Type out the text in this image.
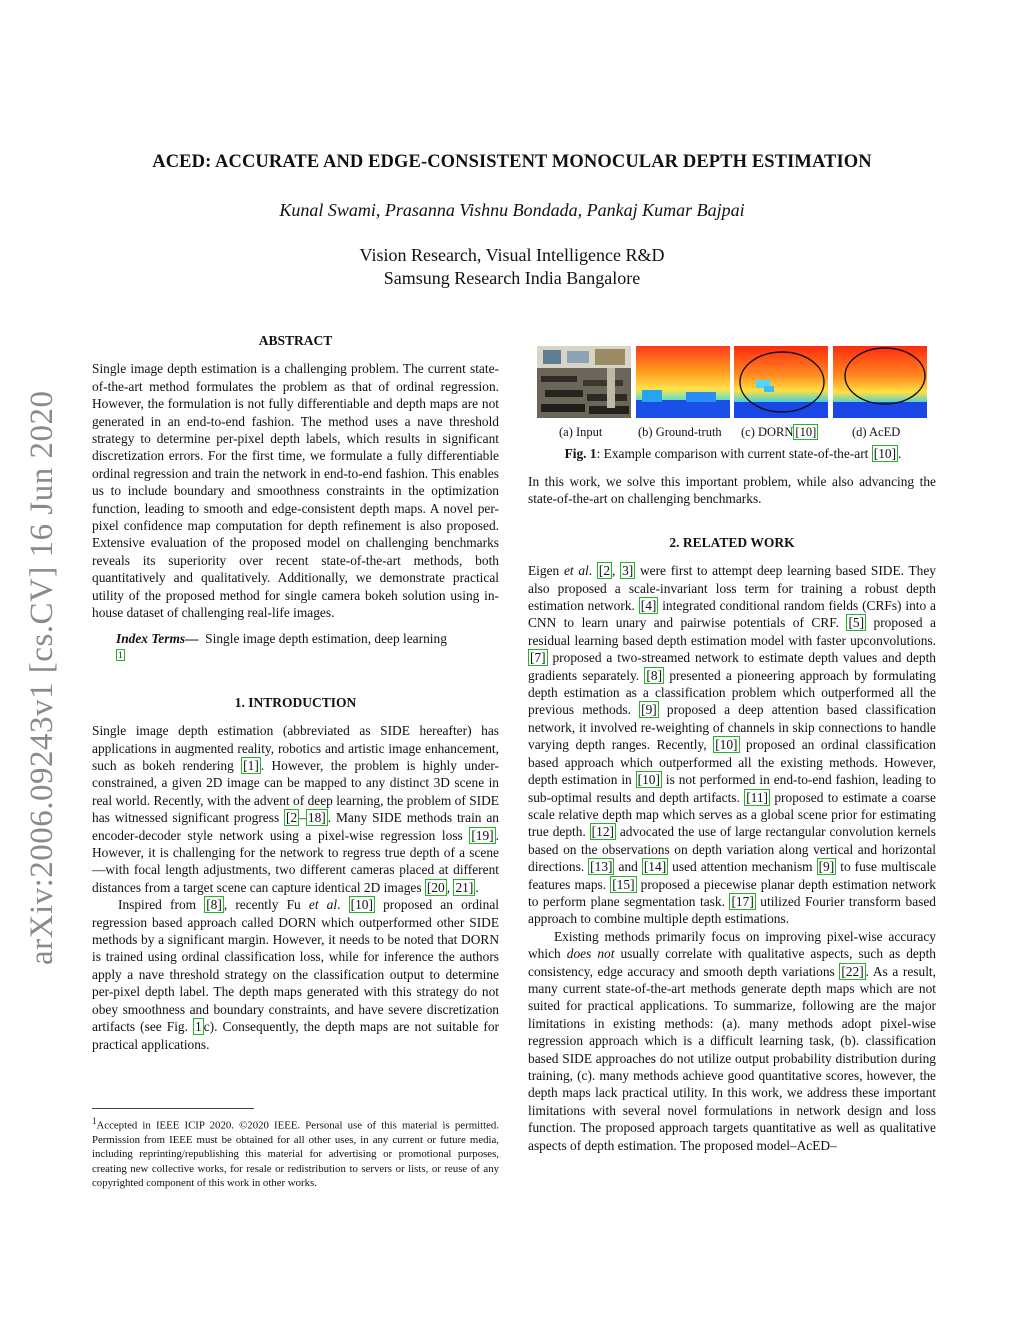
arXiv:2006.09243v1 [cs.CV] 16 Jun 2020
ACED: ACCURATE AND EDGE-CONSISTENT MONOCULAR DEPTH ESTIMATION
Kunal Swami, Prasanna Vishnu Bondada, Pankaj Kumar Bajpai
Vision Research, Visual Intelligence R&D
Samsung Research India Bangalore

ABSTRACT

Single image depth estimation is a challenging problem. The current state-of-the-art method formulates the problem as that of ordinal regression. However, the formulation is not fully differentiable and depth maps are not generated in an end-to-end fashion. The method uses a nave threshold strategy to determine per-pixel depth labels, which results in significant discretization errors. For the first time, we formulate a fully differentiable ordinal regression and train the network in end-to-end fashion. This enables us to include boundary and smoothness constraints in the optimization function, leading to smooth and edge-consistent depth maps. A novel per-pixel confidence map computation for depth refinement is also proposed. Extensive evaluation of the proposed model on challenging benchmarks reveals its superiority over recent state-of-the-art methods, both quantitatively and qualitatively. Additionally, we demonstrate practical utility of the proposed method for single camera bokeh solution using in-house dataset of challenging real-life images.

Index Terms— Single image depth estimation, deep learning
$^1$

1. INTRODUCTION

Single image depth estimation (abbreviated as SIDE hereafter) has applications in augmented reality, robotics and artistic image enhancement, such as bokeh rendering [1] . However, the problem is highly under-constrained, a given 2D image can be mapped to any distinct 3D scene in real world. Recently, with the advent of deep learning, the problem of SIDE has witnessed significant progress [2 – 18] . Many SIDE methods train an encoder-decoder style network using a pixel-wise regression loss [19] . However, it is challenging for the network to regress true depth of a scene—with focal length adjustments, two different cameras placed at different distances from a target scene can capture identical 2D images [20 , 21] .

Inspired from [8] , recently Fu et al. [10] proposed an ordinal regression based approach called DORN which outperformed other SIDE methods by a significant margin. However, it needs to be noted that DORN is trained using ordinal classification loss, while for inference the authors apply a nave threshold strategy on the classification output to determine per-pixel depth label. The depth maps generated with this strategy do not obey smoothness and boundary constraints, and have severe discretization artifacts (see Fig. 1 c). Consequently, the depth maps are not suitable for practical applications.

$^1$Accepted in IEEE ICIP 2020. ©2020 IEEE. Personal use of this material is permitted. Permission from IEEE must be obtained for all other uses, in any current or future media, including reprinting/republishing this material for advertising or promotional purposes, creating new collective works, for resale or redistribution to servers or lists, or reuse of any copyrighted component of this work in other works.
(a) Input	(b) Ground-truth (c) DORN [10]	(d) AcED
Fig. 1: Example comparison with current state-of-the-art [10] .

In this work, we solve this important problem, while also advancing the state-of-the-art on challenging benchmarks.

2. RELATED WORK

Eigen et al. [2 , 3] were first to attempt deep learning based SIDE. They also proposed a scale-invariant loss term for training a robust depth estimation network. [4] integrated conditional random fields (CRFs) into a CNN to learn unary and pairwise potentials of CRF. [5] proposed a residual learning based depth estimation model with faster upconvolutions. [7] proposed a two-streamed network to estimate depth values and depth gradients separately. [8] presented a pioneering approach by formulating depth estimation as a classification problem which outperformed all the previous methods. [9] proposed a deep attention based classification network, it involved re-weighting of channels in skip connections to handle varying depth ranges. Recently, [10] proposed an ordinal classification based approach which outperformed all the existing methods. However, depth estimation in [10] is not performed in end-to-end fashion, leading to sub-optimal results and depth artifacts. [11] proposed to estimate a coarse scale relative depth map which serves as a global scene prior for estimating true depth. [12] advocated the use of large rectangular convolution kernels based on the observations on depth variation along vertical and horizontal directions. [13] and [14] used attention mechanism [9] to fuse multiscale features maps. [15] proposed a piecewise planar depth estimation network to perform plane segmentation task. [17] utilized Fourier transform based approach to combine multiple depth estimations.

Existing methods primarily focus on improving pixel-wise accuracy which does not usually correlate with qualitative aspects, such as depth consistency, edge accuracy and smooth depth variations [22] . As a result, many current state-of-the-art methods generate depth maps which are not suited for practical applications. To summarize, following are the major limitations in existing methods: (a). many methods adopt pixel-wise regression approach which is a difficult learning task, (b). classification based SIDE approaches do not utilize output probability distribution during training, (c). many methods achieve good quantitative scores, however, the depth maps lack practical utility. In this work, we address these important limitations with several novel formulations in network design and loss function. The proposed approach targets quantitative as well as qualitative aspects of depth estimation. The proposed model–AcED–
